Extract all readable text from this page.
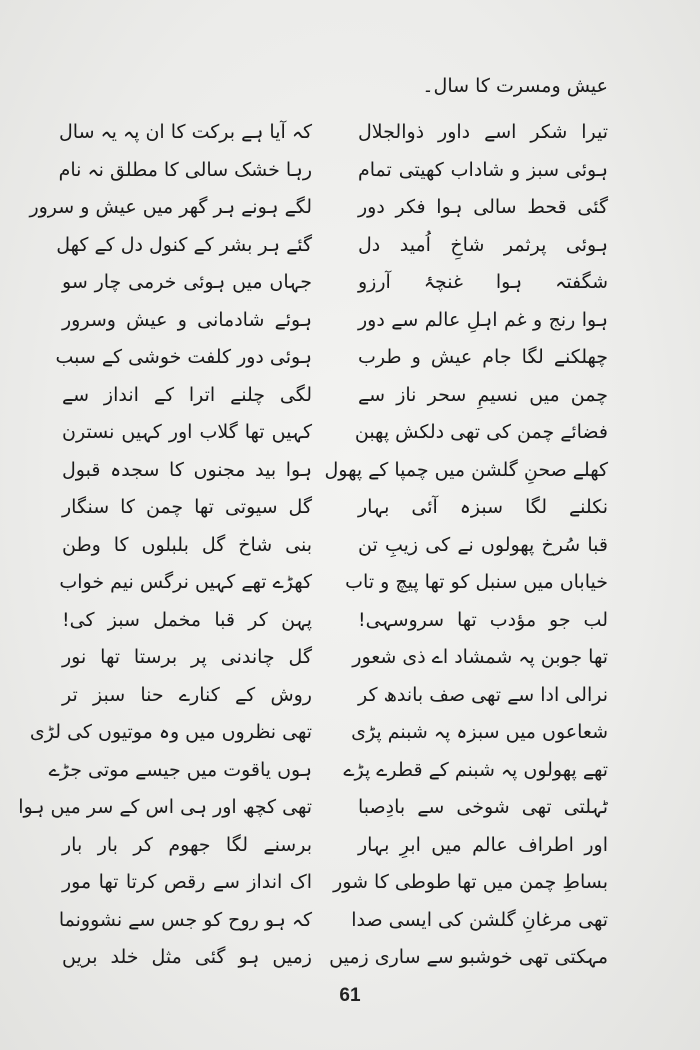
عیش ومسرت کا سال۔
تیرا شکر اسے داور ذوالجلال
ہوئی سبز و شاداب کھیتی تمام
گئی قحط سالی ہوا فکر دور
ہوئی پرثمر شاخِ اُمید دل
شگفتہ ہوا غنچۂ آرزو
ہوا رنج و غم اہلِ عالم سے دور
چھلکنے لگا جام عیش و طرب
چمن میں نسیمِ سحر ناز سے
فضائے چمن کی تھی دلکش پھبن
کھلے صحنِ گلشن میں چمپا کے پھول
نکلنے لگا سبزہ آئی بہار
قبا سُرخ پھولوں نے کی زیبِ تن
خیاباں میں سنبل کو تھا پیچ و تاب
لب جو مؤدب تھا سروسہی!
تھا جوبن پہ شمشاد اے ذی شعور
نرالی ادا سے تھی صف باندھ کر
شعاعوں میں سبزہ پہ شبنم پڑی
تھے پھولوں پہ شبنم کے قطرے پڑے
ٹہلتی تھی شوخی سے بادِصبا
اور اطراف عالم میں ابرِ بہار
بساطِ چمن میں تھا طوطی کا شور
تھی مرغانِ گلشن کی ایسی صدا
مہکتی تھی خوشبو سے ساری زمیں
کہ آیا ہے برکت کا ان پہ یہ سال
رہا خشک سالی کا مطلق نہ نام
لگے ہونے ہر گھر میں عیش و سرور
گئے ہر بشر کے کنول دل کے کھل
جہاں میں ہوئی خرمی چار سو
ہوئے شادمانی و عیش وسرور
ہوئی دور کلفت خوشی کے سبب
لگی چلنے اترا کے انداز سے
کہیں تھا گلاب اور کہیں نسترن
ہوا بید مجنوں کا سجدہ قبول
گل سیوتی تھا چمن کا سنگار
بنی شاخ گل بلبلوں کا وطن
کھڑے تھے کہیں نرگس نیم خواب
پہن کر قبا مخمل سبز کی!
گل چاندنی پر برستا تھا نور
روش کے کنارے حنا سبز تر
تھی نظروں میں وہ موتیوں کی لڑی
ہوں یاقوت میں جیسے موتی جڑے
تھی کچھ اور ہی اس کے سر میں ہوا
برسنے لگا جھوم کر بار بار
اک انداز سے رقص کرتا تھا مور
کہ ہو روح کو جس سے نشوونما
زمیں ہو گئی مثل خلد بریں
61
